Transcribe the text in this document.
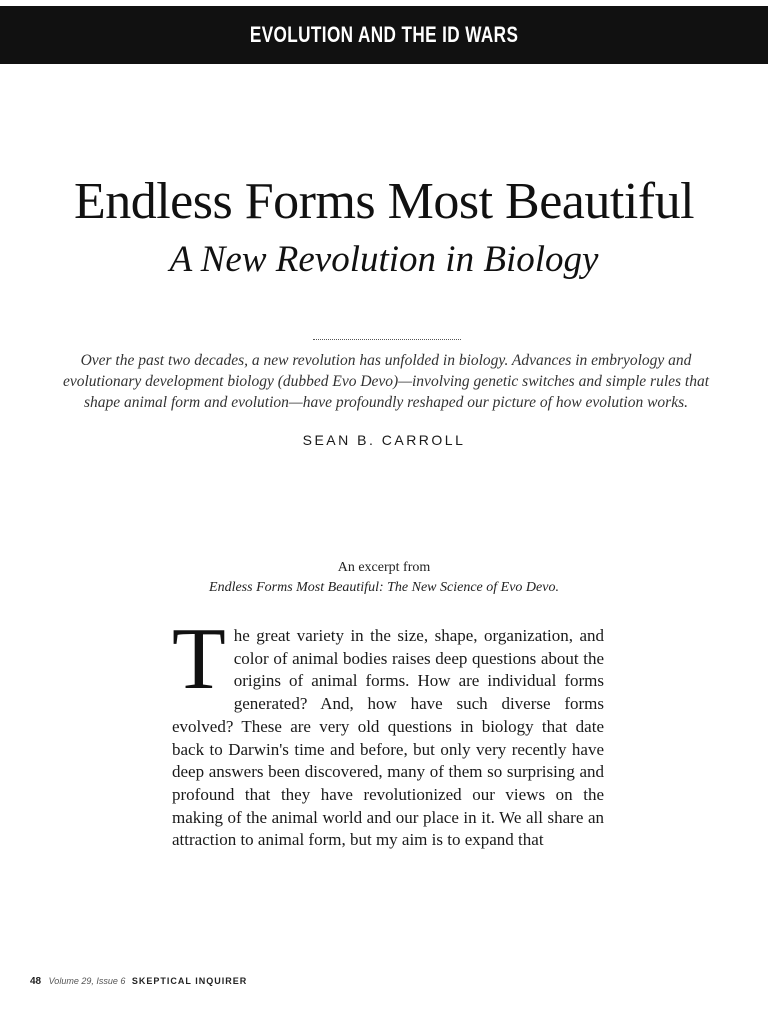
EVOLUTION AND THE ID WARS
Endless Forms Most Beautiful
A New Revolution in Biology

Over the past two decades, a new revolution has unfolded in biology. Advances in embryology and evolutionary development biology (dubbed Evo Devo)—involving genetic switches and simple rules that shape animal form and evolution—have profoundly reshaped our picture of how evolution works.

SEAN B. CARROLL
An excerpt from
Endless Forms Most Beautiful: The New Science of Evo Devo.
The great variety in the size, shape, organization, and color of animal bodies raises deep questions about the origins of animal forms. How are individual forms generated? And, how have such diverse forms evolved? These are very old questions in biology that date back to Darwin's time and before, but only very recently have deep answers been discovered, many of them so surprising and profound that they have revolutionized our views on the making of the animal world and our place in it. We all share an attraction to animal form, but my aim is to expand that
48 Volume 29, Issue 6 SKEPTICAL INQUIRER
